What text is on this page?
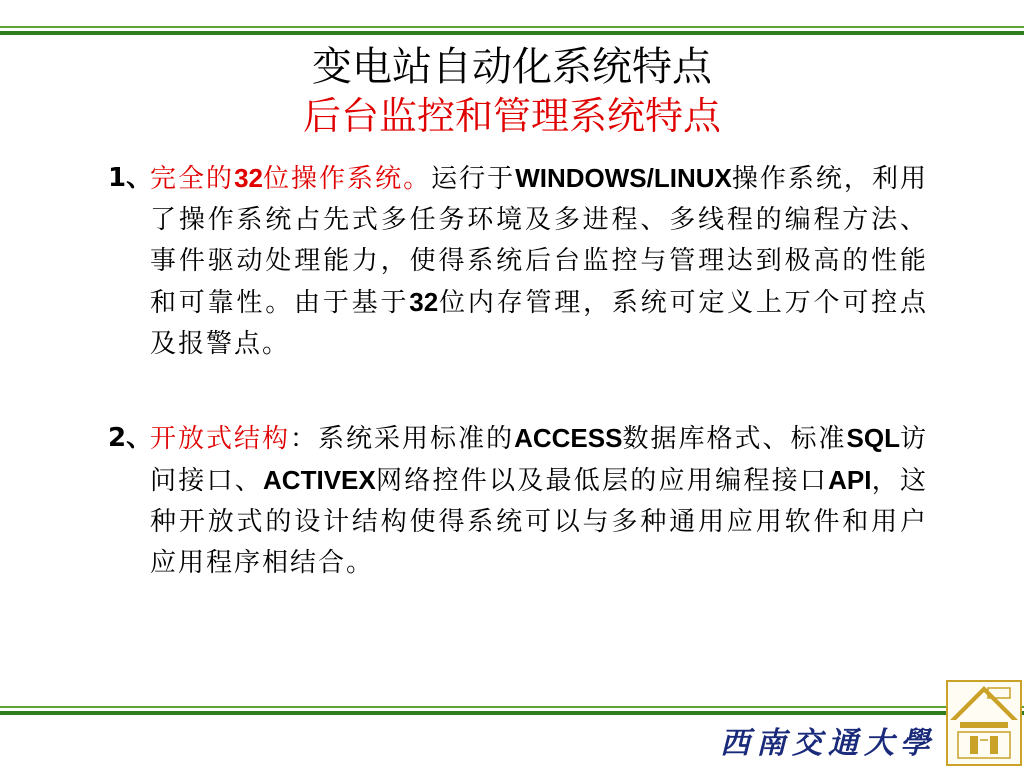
变电站自动化系统特点
后台监控和管理系统特点
1、
完全的32位操作系统。运行于WINDOWS/LINUX操作系统，利用了操作系统占先式多任务环境及多进程、多线程的编程方法、事件驱动处理能力，使得系统后台监控与管理达到极高的性能和可靠性。由于基于32位内存管理，系统可定义上万个可控点及报警点。
2、
开放式结构：系统采用标准的ACCESS数据库格式、标准SQL访问接口、ACTIVEX网络控件以及最低层的应用编程接口API，这种开放式的设计结构使得系统可以与多种通用应用软件和用户应用程序相结合。
西南交通大學
